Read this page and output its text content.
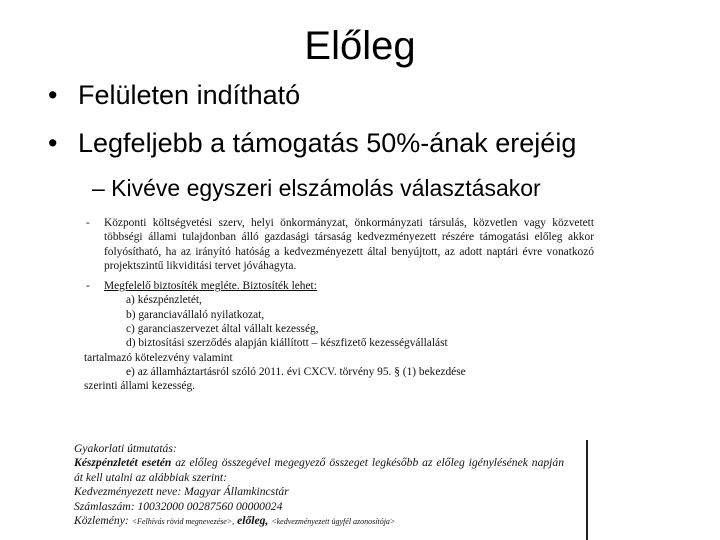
Előleg
• Felületen indítható
• Legfeljebb a támogatás 50%-ának erejéig
– Kivéve egyszeri elszámolás választásakor
- Központi költségvetési szerv, helyi önkormányzat, önkormányzati társulás, közvetlen vagy közvetett többségi állami tulajdonban álló gazdasági társaság kedvezményezett részére támogatási előleg akkor folyósítható, ha az irányító hatóság a kedvezményezett által benyújtott, az adott naptári évre vonatkozó projektszintű likviditási tervet jóváhagyta.
- Megfelelő biztosíték megléte. Biztosíték lehet:
a) készpénzletét,
b) garanciavállaló nyilatkozat,
c) garanciaszervezet által vállalt kezesség,
d) biztosítási szerződés alapján kiállított – készfizető kezességvállalást
tartalmazó kötelezvény valamint
e) az államháztartásról szóló 2011. évi CXCV. törvény 95. § (1) bekezdése
szerinti állami kezesség.
Gyakorlati útmutatás:
Készpénzletét esetén az előleg összegével megegyező összeget legkésőbb az előleg igénylésének napján át kell utalni az alábbiak szerint:
Kedvezményezett neve: Magyar Államkincstár
Számlaszám: 10032000 00287560 00000024
Közlemény: <Felhívás rövid megnevezése>, előleg, <kedvezményezett ügyfél azonosítója>
